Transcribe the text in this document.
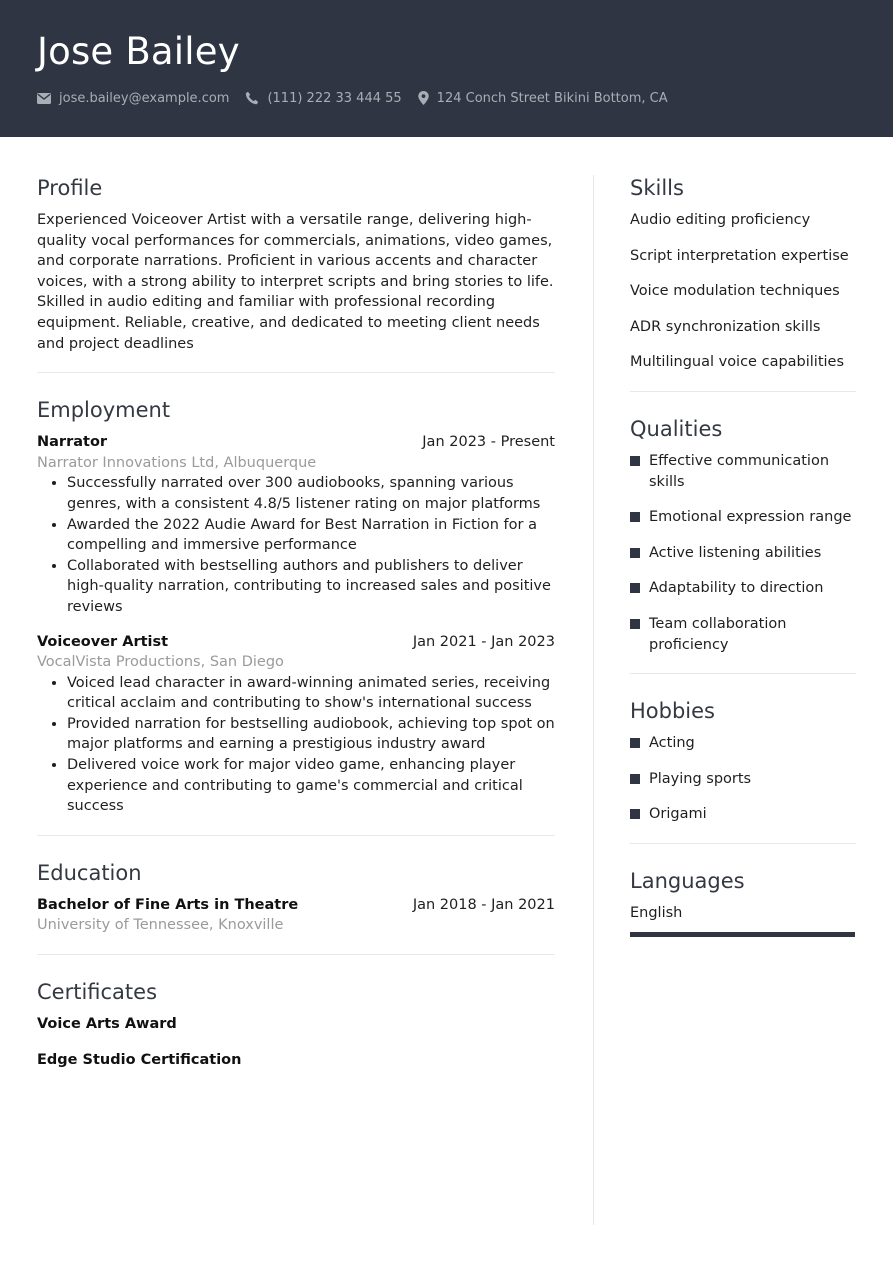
Jose Bailey
jose.bailey@example.com	(111) 222 33 444 55	124 Conch Street Bikini Bottom, CA
Profile

Experienced Voiceover Artist with a versatile range, delivering high-quality vocal performances for commercials, animations, video games, and corporate narrations. Proficient in various accents and character voices, with a strong ability to interpret scripts and bring stories to life. Skilled in audio editing and familiar with professional recording equipment. Reliable, creative, and dedicated to meeting client needs and project deadlines

Employment
Narrator	Jan 2023 - Present
Narrator Innovations Ltd, Albuquerque
• Successfully narrated over 300 audiobooks, spanning various genres, with a consistent 4.8/5 listener rating on major platforms
• Awarded the 2022 Audie Award for Best Narration in Fiction for a compelling and immersive performance
• Collaborated with bestselling authors and publishers to deliver high-quality narration, contributing to increased sales and positive reviews
Voiceover Artist	Jan 2021 - Jan 2023
VocalVista Productions, San Diego
• Voiced lead character in award-winning animated series, receiving critical acclaim and contributing to show's international success
• Provided narration for bestselling audiobook, achieving top spot on major platforms and earning a prestigious industry award
• Delivered voice work for major video game, enhancing player experience and contributing to game's commercial and critical success
Education
Bachelor of Fine Arts in Theatre	Jan 2018 - Jan 2021
University of Tennessee, Knoxville
Certificates
Voice Arts Award
Edge Studio Certification
Skills
Audio editing proficiency
Script interpretation expertise
Voice modulation techniques
ADR synchronization skills
Multilingual voice capabilities
Qualities
Effective communication skills
Emotional expression range
Active listening abilities
Adaptability to direction
Team collaboration proficiency
Hobbies
Acting
Playing sports
Origami
Languages
English
